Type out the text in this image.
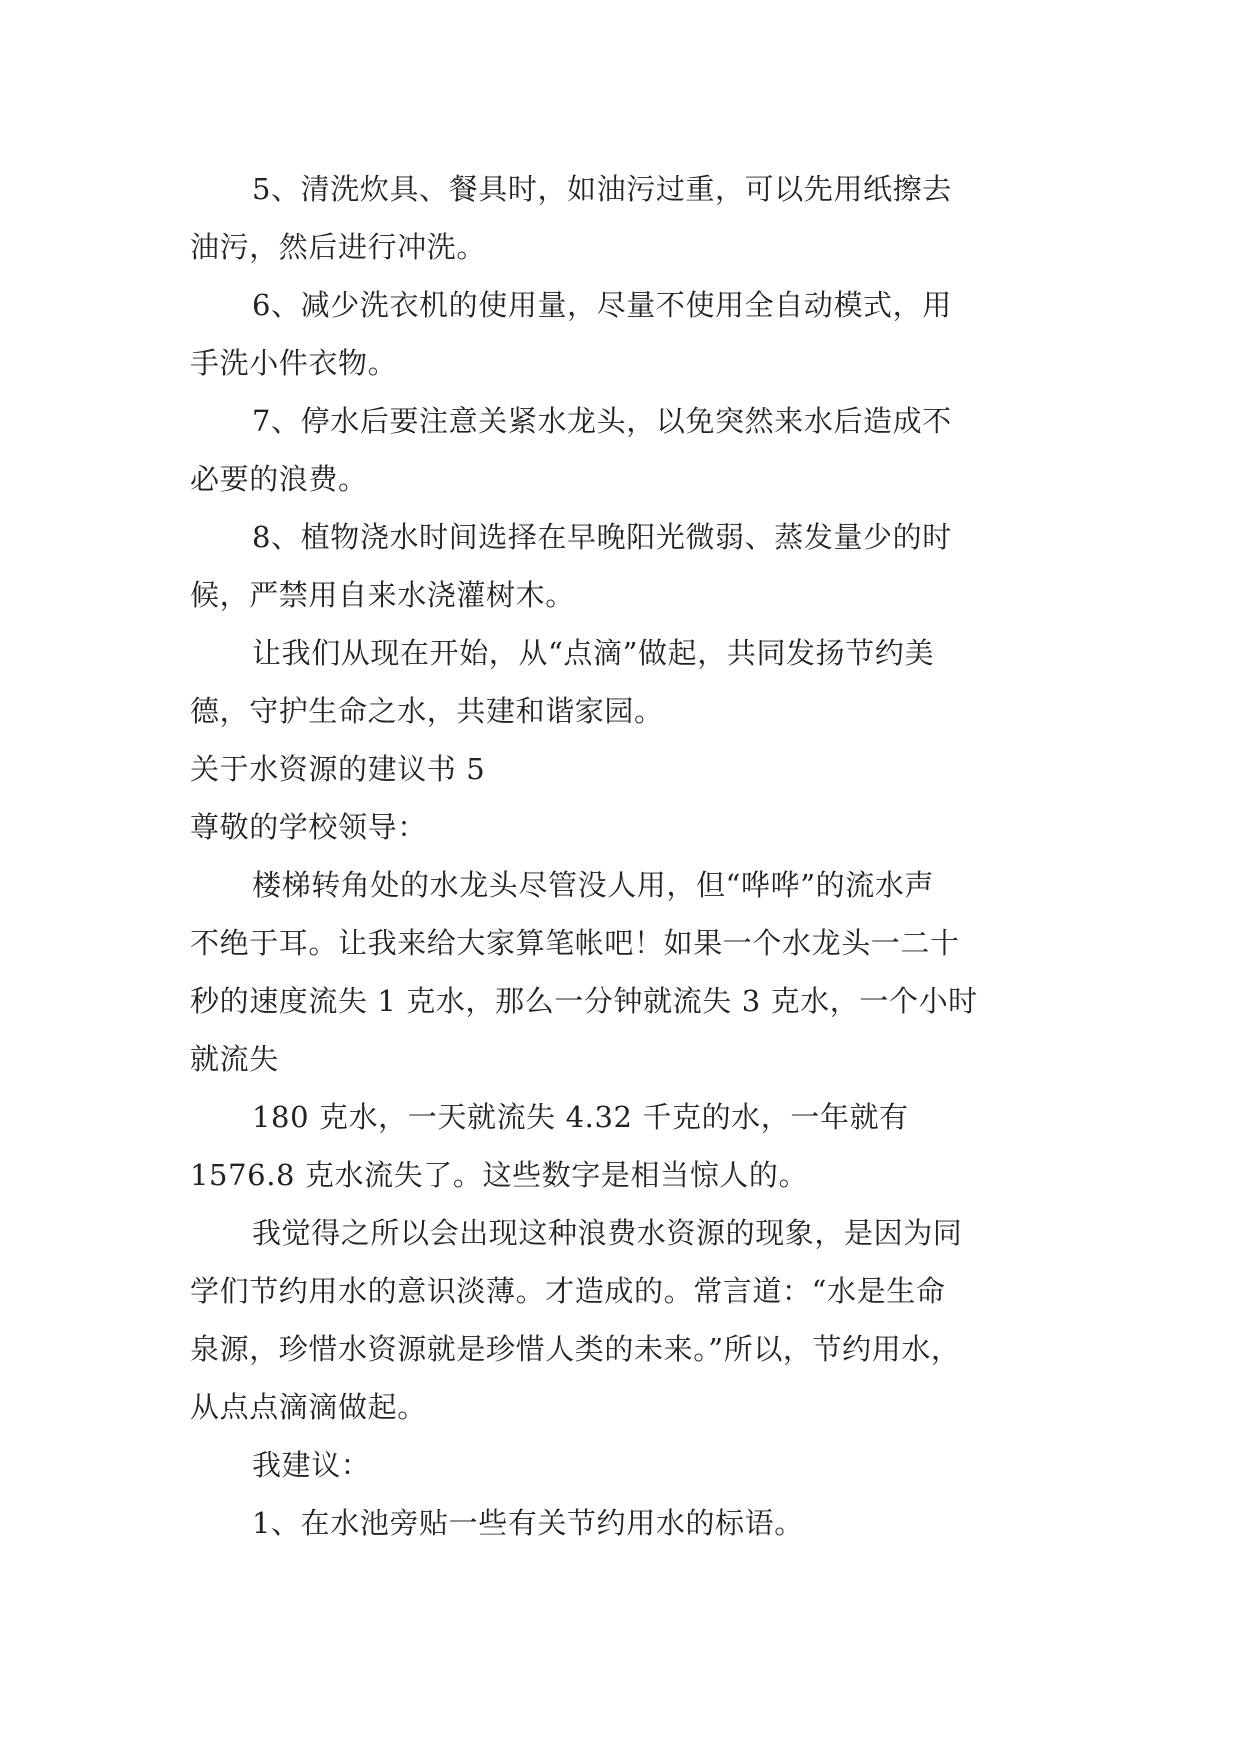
5、清洗炊具、餐具时，如油污过重，可以先用纸擦去
油污，然后进行冲洗。
6、减少洗衣机的使用量，尽量不使用全自动模式，用
手洗小件衣物。
7、停水后要注意关紧水龙头，以免突然来水后造成不
必要的浪费。
8、植物浇水时间选择在早晚阳光微弱、蒸发量少的时
候，严禁用自来水浇灌树木。
让我们从现在开始，从“点滴”做起，共同发扬节约美
德，守护生命之水，共建和谐家园。
关于水资源的建议书 5
尊敬的学校领导：
楼梯转角处的水龙头尽管没人用，但“哗哗”的流水声
不绝于耳。让我来给大家算笔帐吧！如果一个水龙头一二十
秒的速度流失 1 克水，那么一分钟就流失 3 克水，一个小时
就流失
180 克水，一天就流失 4.32 千克的水，一年就有
1576.8 克水流失了。这些数字是相当惊人的。
我觉得之所以会出现这种浪费水资源的现象，是因为同
学们节约用水的意识淡薄。才造成的。常言道：“水是生命
泉源，珍惜水资源就是珍惜人类的未来。”所以，节约用水，
从点点滴滴做起。
我建议：
1、在水池旁贴一些有关节约用水的标语。
